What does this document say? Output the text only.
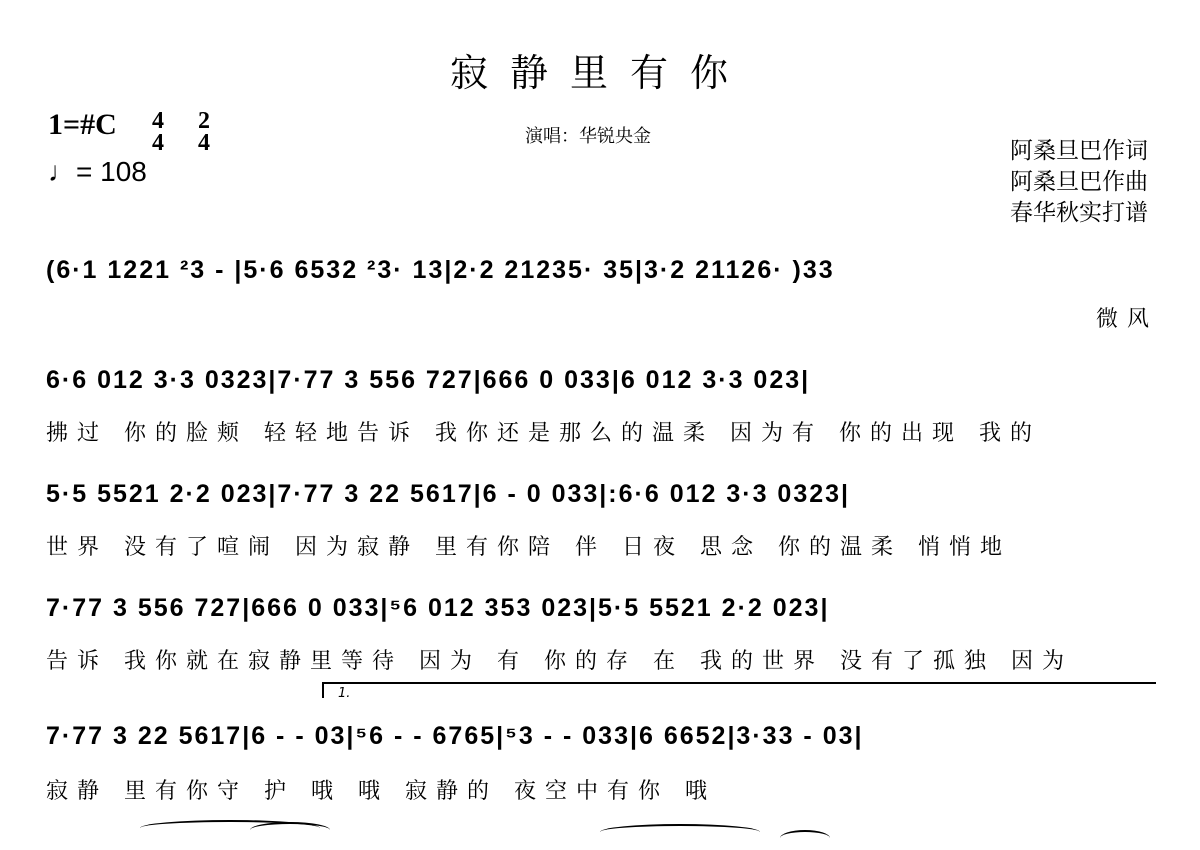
寂静里有你
1=#C 4
4
2
4
♩= 108
演唱：华锐央金
阿桑旦巴作词
阿桑旦巴作曲
春华秋实打谱
(6·1 1221 ²3 - |5·6 6532 ²3· 13|2·2 21235· 35|3·2 21126· )33
微风
6·6 012 3·3 0323|7·77 3 556 727|666 0 033|6 012 3·3 023|
拂过 你的脸颊 轻轻地告诉 我你还是那么的温柔 因为有 你的出现 我的
5·5 5521 2·2 023|7·77 3 22 5617|6 - 0 033|:6·6 012 3·3 0323|
世界 没有了喧闹 因为寂静 里有你陪 伴 日夜 思念 你的温柔 悄悄地
7·77 3 556 727|666 0 033|⁵6 012 353 023|5·5 5521 2·2 023|
告诉 我你就在寂静里等待 因为 有 你的存 在 我的世界 没有了孤独 因为
1.
7·77 3 22 5617|6 - - 03|⁵6 - - 6765|⁵3 - - 033|6 6652|3·33 - 03|
寂静 里有你守 护 哦 哦 寂静的 夜空中有你 哦
